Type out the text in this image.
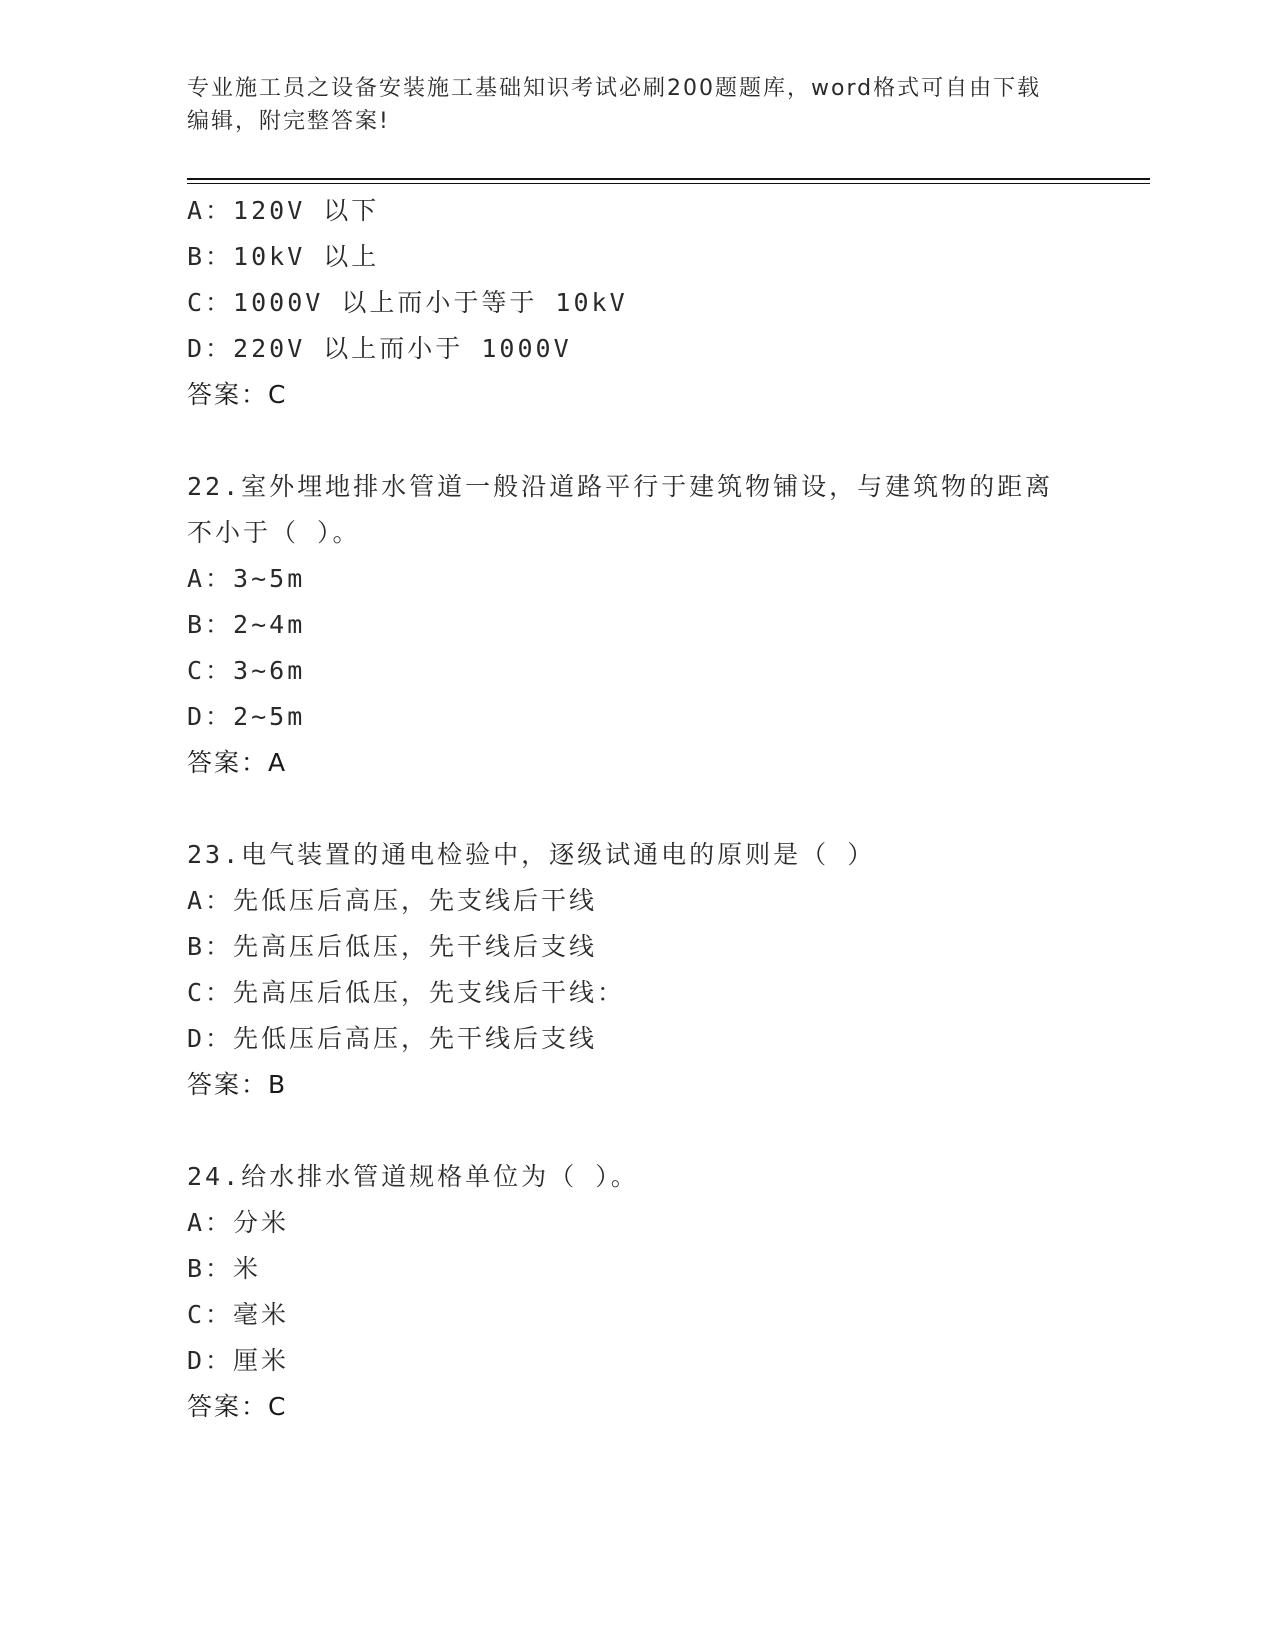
专业施工员之设备安装施工基础知识考试必刷200题题库，word格式可自由下载
编辑，附完整答案!
A：120V 以下
B：10kV 以上
C：1000V 以上而小于等于 10kV
D：220V 以上而小于 1000V
答案：C
22.室外埋地排水管道一般沿道路平行于建筑物铺设，与建筑物的距离
不小于（ ）。
A：3~5m
B：2~4m
C：3~6m
D：2~5m
答案：A
23.电气装置的通电检验中，逐级试通电的原则是（ ）
A：先低压后高压，先支线后干线
B：先高压后低压，先干线后支线
C：先高压后低压，先支线后干线：
D：先低压后高压，先干线后支线
答案：B
24.给水排水管道规格单位为（ ）。
A：分米
B：米
C：毫米
D：厘米
答案：C
